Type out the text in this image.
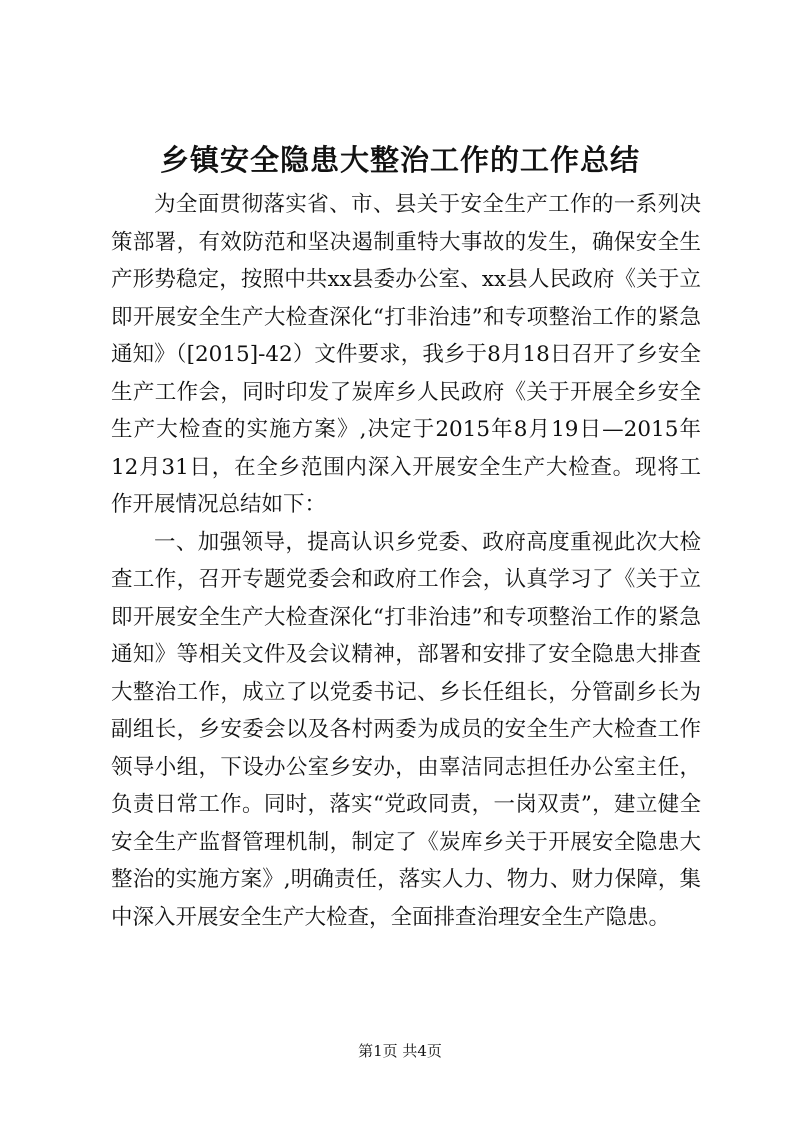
乡镇安全隐患大整治工作的工作总结

为全面贯彻落实省、市、县关于安全生产工作的一系列决策部署，有效防范和坚决遏制重特大事故的发生，确保安全生产形势稳定，按照中共xx县委办公室、xx县人民政府《关于立即开展安全生产大检查深化“打非治违”和专项整治工作的紧急通知》（[2015]-42）文件要求，我乡于8月18日召开了乡安全生产工作会，同时印发了炭库乡人民政府《关于开展全乡安全生产大检查的实施方案》,决定于2015年8月19日—2015年12月31日，在全乡范围内深入开展安全生产大检查。现将工作开展情况总结如下：

一、加强领导，提高认识乡党委、政府高度重视此次大检查工作，召开专题党委会和政府工作会，认真学习了《关于立即开展安全生产大检查深化“打非治违”和专项整治工作的紧急通知》等相关文件及会议精神，部署和安排了安全隐患大排查大整治工作，成立了以党委书记、乡长任组长，分管副乡长为副组长，乡安委会以及各村两委为成员的安全生产大检查工作领导小组，下设办公室乡安办，由辜洁同志担任办公室主任，负责日常工作。同时，落实“党政同责，一岗双责”，建立健全安全生产监督管理机制，制定了《炭库乡关于开展安全隐患大整治的实施方案》,明确责任，落实人力、物力、财力保障，集中深入开展安全生产大检查，全面排查治理安全生产隐患。

第1页 共4页
